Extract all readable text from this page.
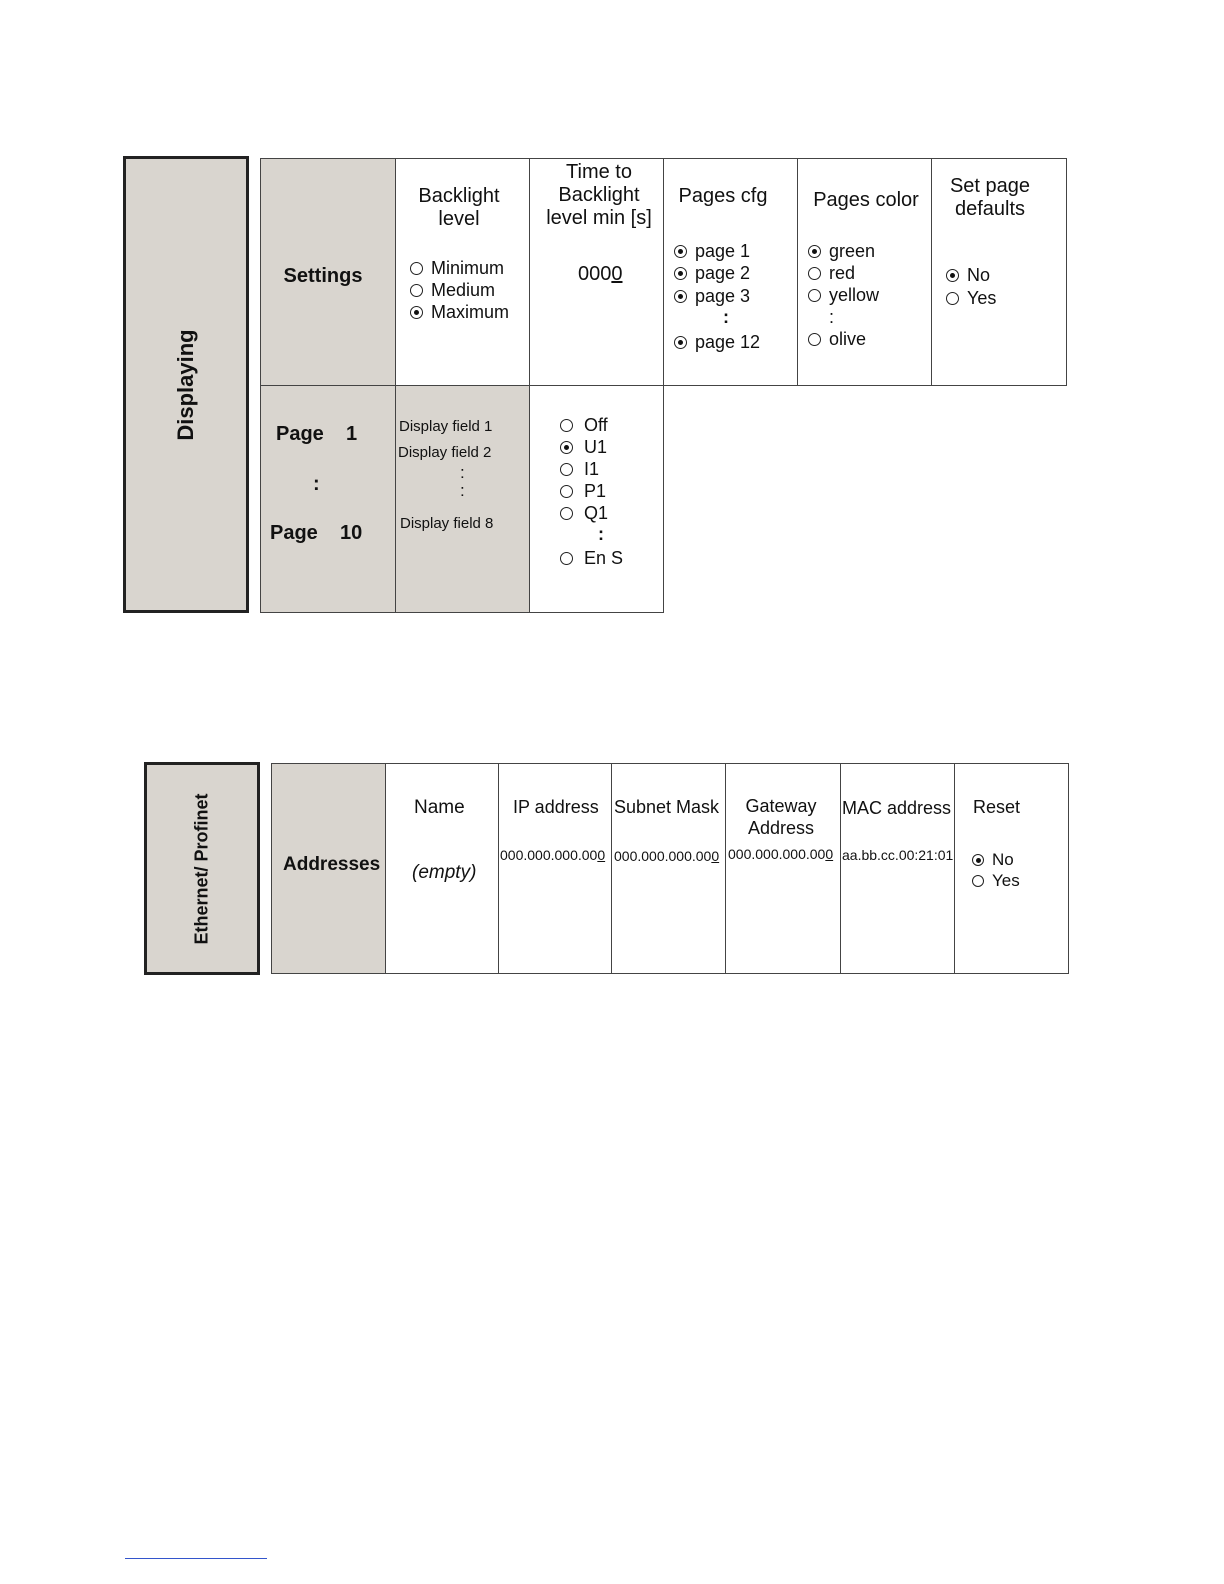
Displaying
Settings
Backlight level
Minimum
Medium
Maximum
Time to Backlight level min [s]
0000
Pages cfg
page 1
page 2
page 3
:
page 12
Pages color
green
red
yellow
:
olive
Set page defaults
No
Yes
Page    1
:
Page    10
Display field 1
Display field 2
:
:
Display field 8
Off
U1
I1
P1
Q1
:
En S
Ethernet/ Profinet	Addresses
Name
(empty)
IP address
000.000.000.000
Subnet Mask
000.000.000.000
Gateway Address
000.000.000.000
MAC address
aa.bb.cc.00:21:01
Reset
No
Yes
